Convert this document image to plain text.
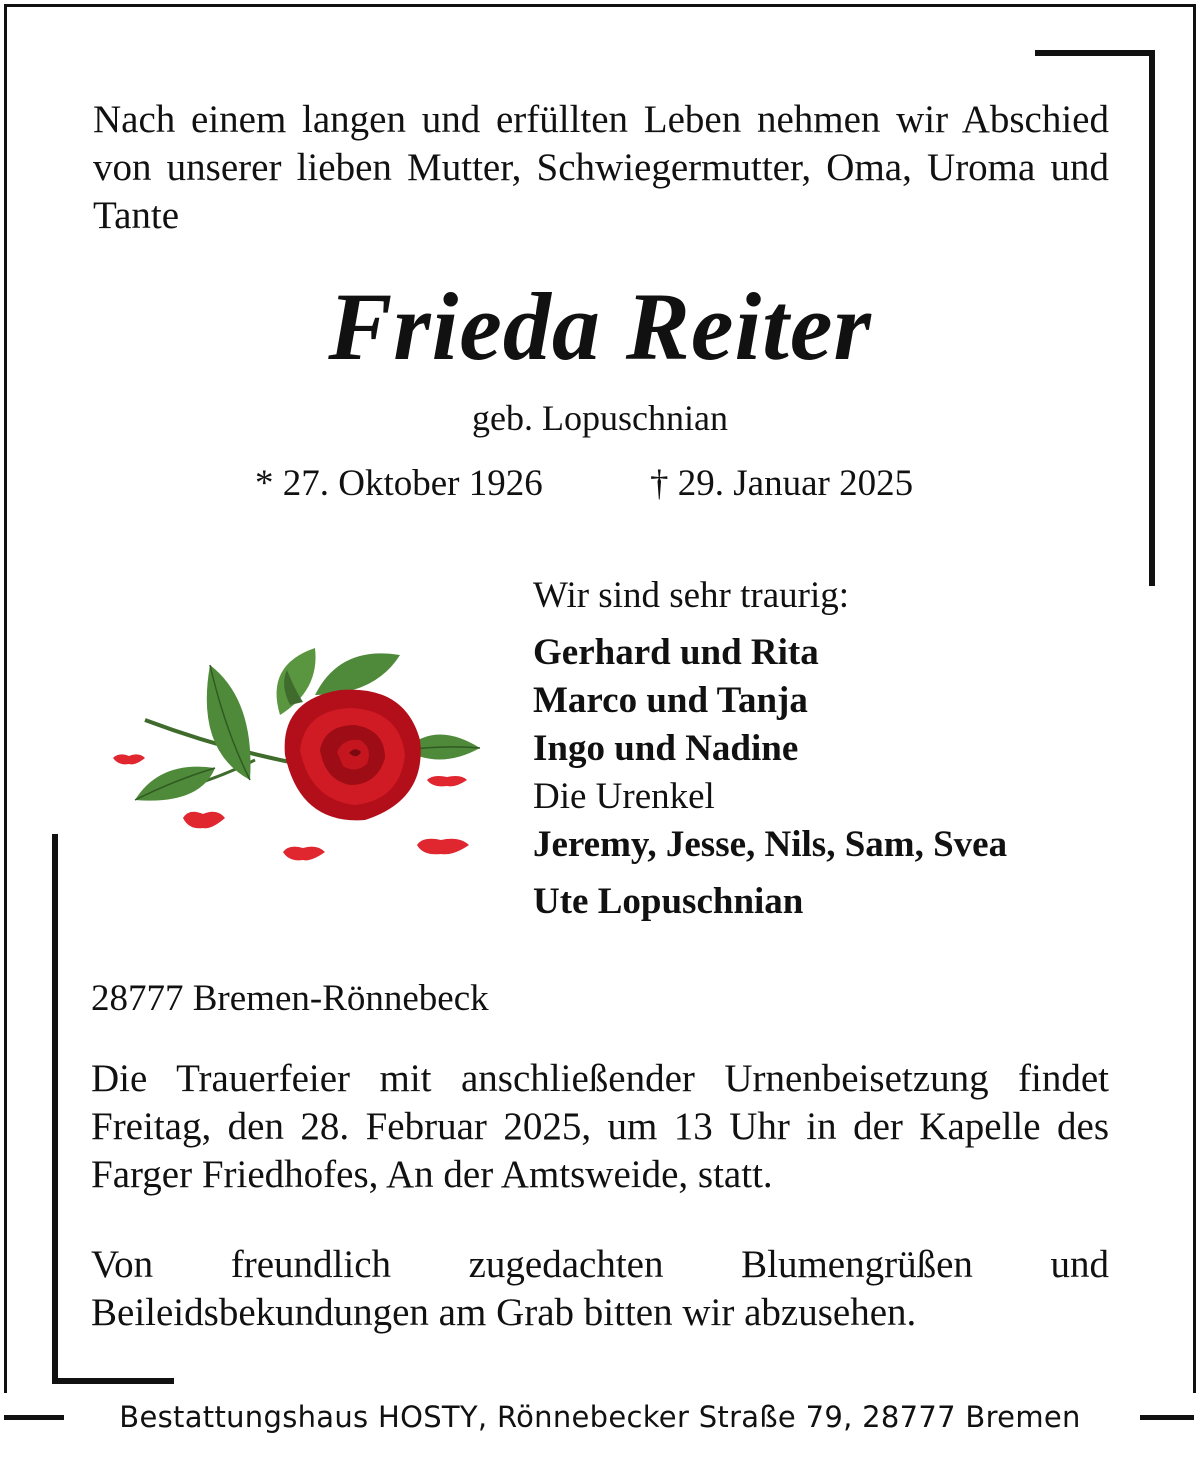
Nach einem langen und erfüllten Leben nehmen wir Abschied von unserer lieben Mutter, Schwiegermutter, Oma, Uroma und Tante

Frieda Reiter
geb. Lopuschnian
* 27. Oktober 1926	† 29. Januar 2025
Wir sind sehr traurig:
Gerhard und Rita
Marco und Tanja
Ingo und Nadine
Die Urenkel
Jeremy, Jesse, Nils, Sam, Svea
Ute Lopuschnian
28777 Bremen-Rönnebeck

Die Trauerfeier mit anschließender Urnenbeisetzung findet Freitag, den 28. Februar 2025, um 13 Uhr in der Kapelle des Farger Friedhofes, An der Amtsweide, statt.

Von freundlich zugedachten Blumengrüßen und Beileidsbekundungen am Grab bitten wir abzusehen.

Bestattungshaus HOSTY, Rönnebecker Straße 79, 28777 Bremen
